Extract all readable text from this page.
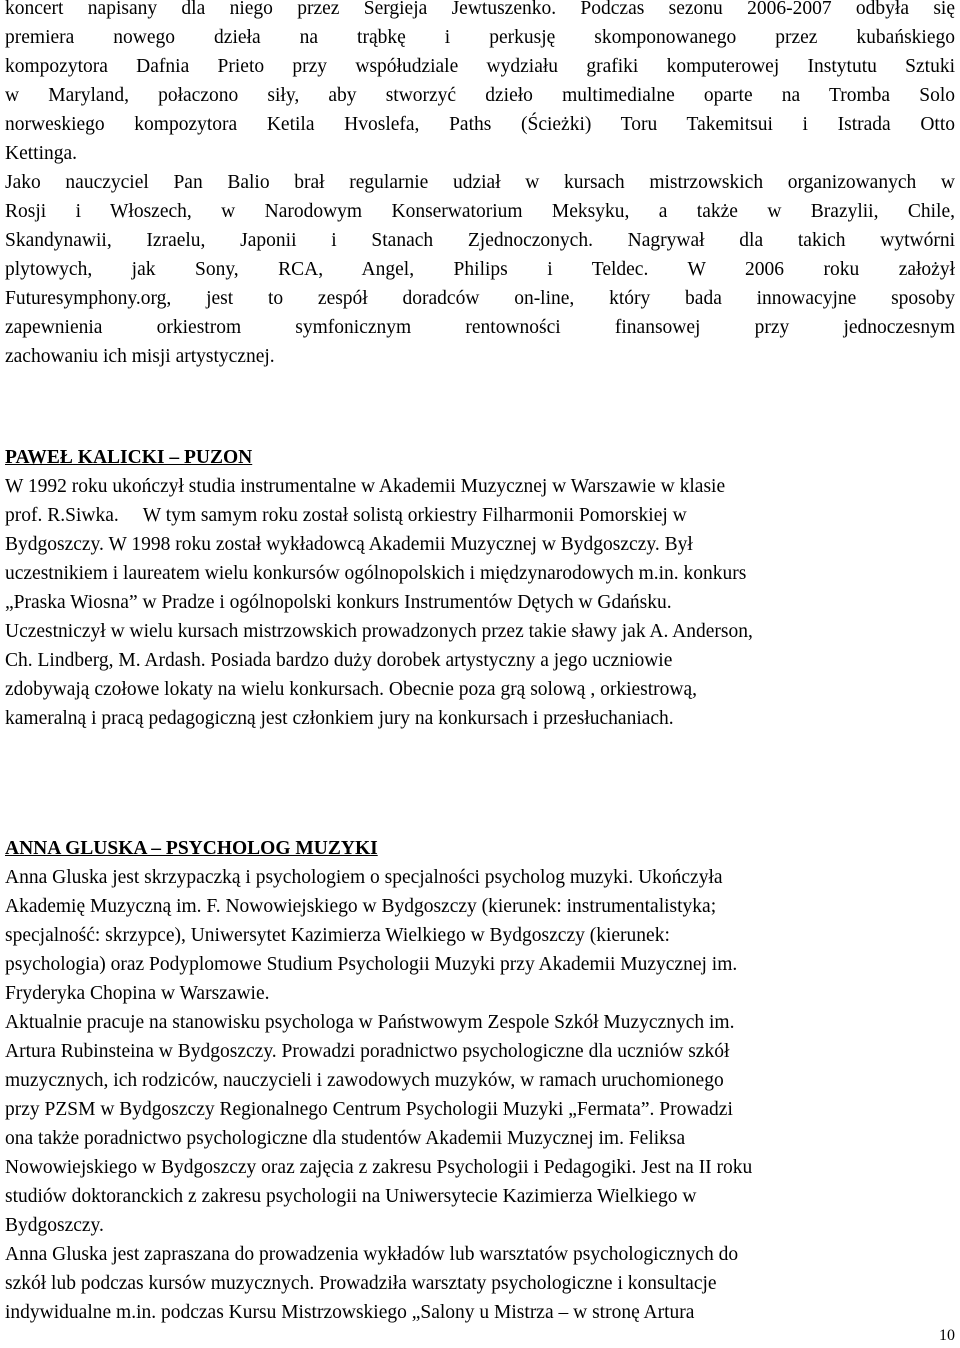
koncert napisany dla niego przez Sergieja Jewtuszenko. Podczas sezonu 2006-2007 odbyła się
premiera nowego dzieła na trąbkę i perkusję skomponowanego przez kubańskiego
kompozytora Dafnia Prieto przy współudziale wydziału grafiki komputerowej Instytutu Sztuki
w Maryland, połaczono siły, aby stworzyć dzieło multimedialne oparte na Tromba Solo
norweskiego kompozytora Ketila Hvoslefa, Paths (Ścieżki) Toru Takemitsui i Istrada Otto
Kettinga.
Jako nauczyciel Pan Balio brał regularnie udział w kursach mistrzowskich organizowanych w
Rosji i Włoszech, w Narodowym Konserwatorium Meksyku, a także w Brazylii, Chile,
Skandynawii, Izraelu, Japonii i Stanach Zjednoczonych. Nagrywał dla takich wytwórni
plytowych, jak Sony, RCA, Angel, Philips i Teldec. W 2006 roku założył
Futuresymphony.org, jest to zespół doradców on-line, który bada innowacyjne sposoby
zapewnienia orkiestrom symfonicznym rentowności finansowej przy jednoczesnym
zachowaniu ich misji artystycznej.
PAWEŁ KALICKI – PUZON
W 1992 roku ukończył studia instrumentalne w Akademii Muzycznej w Warszawie w klasie
prof. R.Siwka.     W tym samym roku został solistą orkiestry Filharmonii Pomorskiej w
Bydgoszczy. W 1998 roku został wykładowcą Akademii Muzycznej w Bydgoszczy. Był
uczestnikiem i laureatem wielu konkursów ogólnopolskich i międzynarodowych m.in. konkurs
„Praska Wiosna” w Pradze i ogólnopolski konkurs Instrumentów Dętych w Gdańsku.
Uczestniczył w wielu kursach mistrzowskich prowadzonych przez takie sławy jak A. Anderson,
Ch. Lindberg, M. Ardash. Posiada bardzo duży dorobek artystyczny a jego uczniowie
zdobywają czołowe lokaty na wielu konkursach. Obecnie poza grą solową , orkiestrową,
kameralną i pracą pedagogiczną jest członkiem jury na konkursach i przesłuchaniach.
ANNA GLUSKA – PSYCHOLOG MUZYKI
Anna Gluska jest skrzypaczką i psychologiem o specjalności psycholog muzyki. Ukończyła
Akademię Muzyczną im. F. Nowowiejskiego w Bydgoszczy (kierunek: instrumentalistyka;
specjalność: skrzypce), Uniwersytet Kazimierza Wielkiego w Bydgoszczy (kierunek:
psychologia) oraz Podyplomowe Studium Psychologii Muzyki przy Akademii Muzycznej im.
Fryderyka Chopina w Warszawie.
Aktualnie pracuje na stanowisku psychologa w Państwowym Zespole Szkół Muzycznych im.
Artura Rubinsteina w Bydgoszczy. Prowadzi poradnictwo psychologiczne dla uczniów szkół
muzycznych, ich rodziców, nauczycieli i zawodowych muzyków, w ramach uruchomionego
przy PZSM w Bydgoszczy Regionalnego Centrum Psychologii Muzyki „Fermata”. Prowadzi
ona także poradnictwo psychologiczne dla studentów Akademii Muzycznej im. Feliksa
Nowowiejskiego w Bydgoszczy oraz zajęcia z zakresu Psychologii i Pedagogiki. Jest na II roku
studiów doktoranckich z zakresu psychologii na Uniwersytecie Kazimierza Wielkiego w
Bydgoszczy.
Anna Gluska jest zapraszana do prowadzenia wykładów lub warsztatów psychologicznych do
szkół lub podczas kursów muzycznych. Prowadziła warsztaty psychologiczne i konsultacje
indywidualne m.in. podczas Kursu Mistrzowskiego „Salony u Mistrza – w stronę Artura
10
